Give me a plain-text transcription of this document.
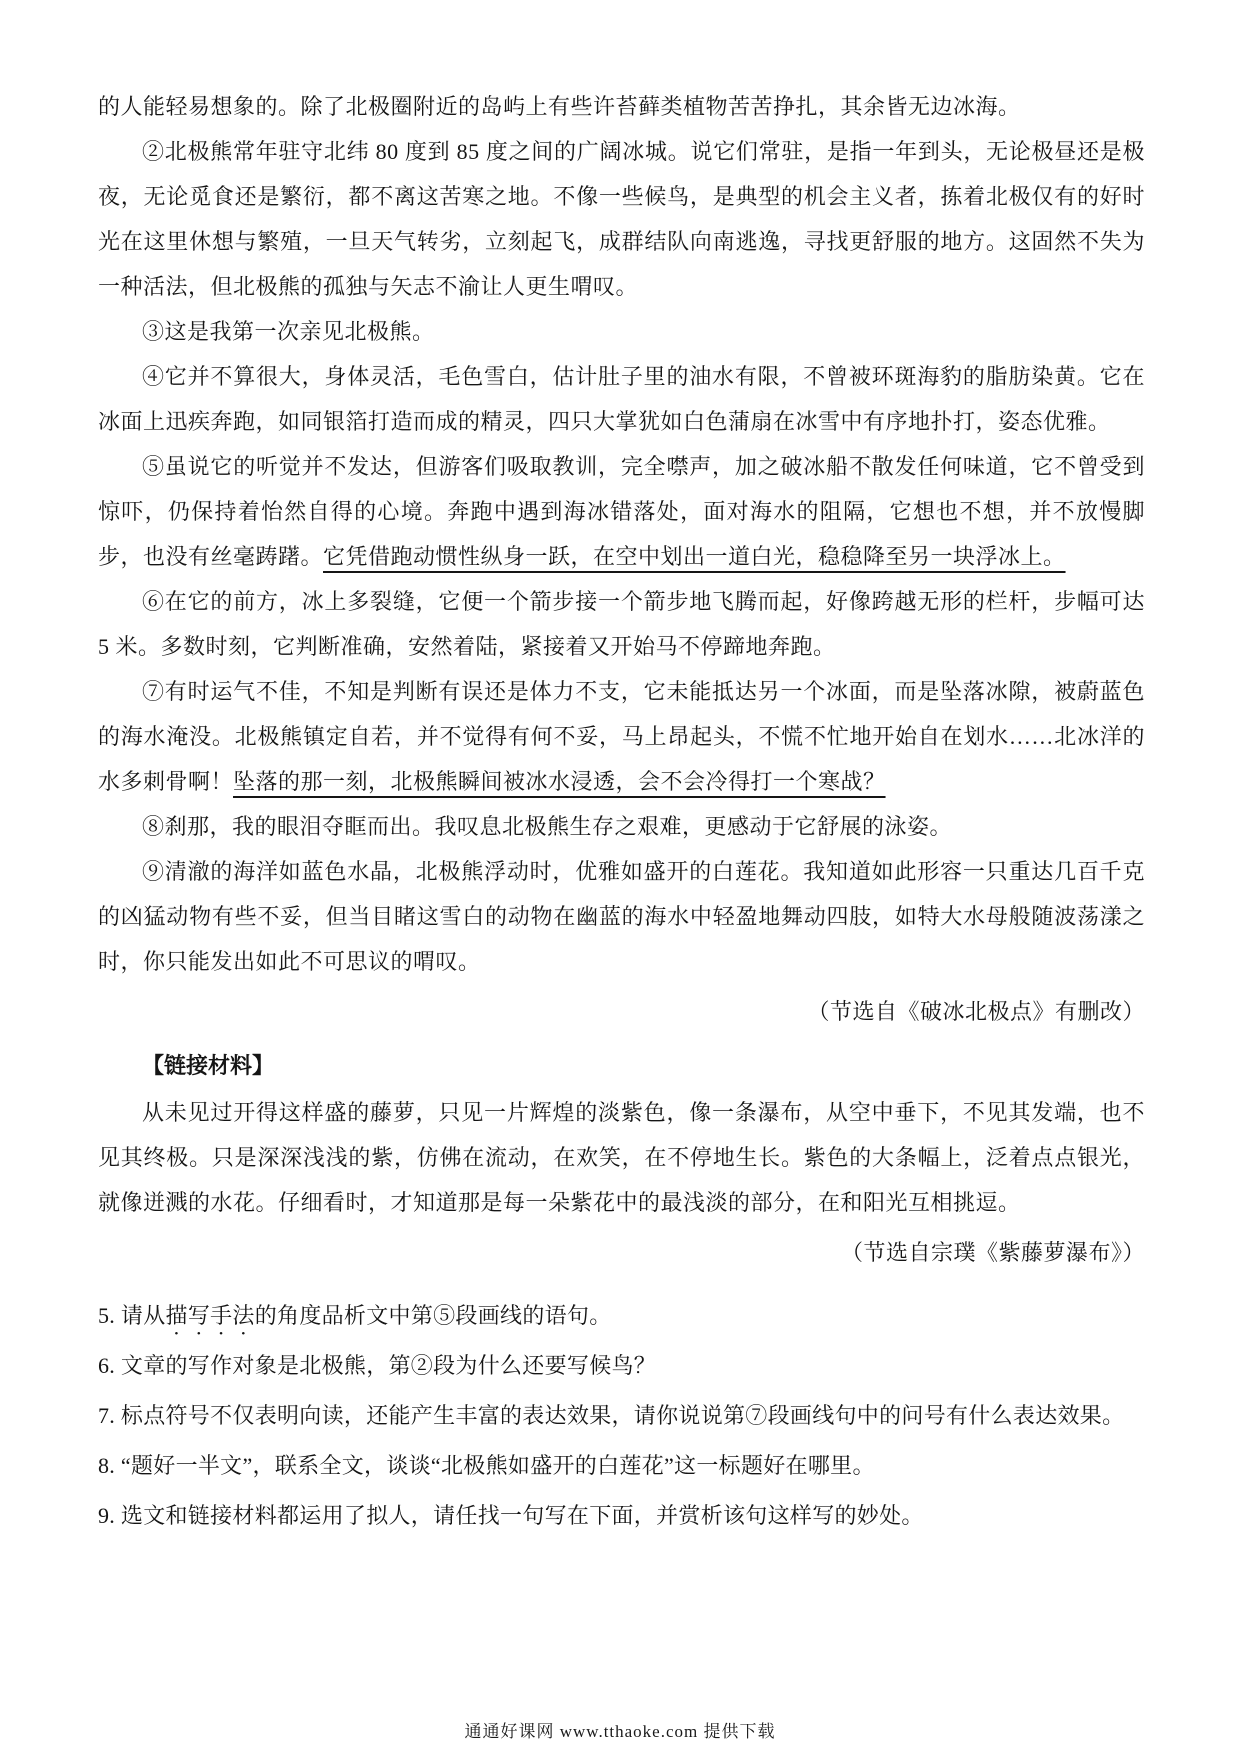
的人能轻易想象的。除了北极圈附近的岛屿上有些许苔藓类植物苦苦挣扎，其余皆无边冰海。

②北极熊常年驻守北纬 80 度到 85 度之间的广阔冰城。说它们常驻，是指一年到头，无论极昼还是极夜，无论觅食还是繁衍，都不离这苦寒之地。不像一些候鸟，是典型的机会主义者，拣着北极仅有的好时光在这里休想与繁殖，一旦天气转劣，立刻起飞，成群结队向南逃逸，寻找更舒服的地方。这固然不失为一种活法，但北极熊的孤独与矢志不渝让人更生喟叹。

③这是我第一次亲见北极熊。

④它并不算很大，身体灵活，毛色雪白，估计肚子里的油水有限，不曾被环斑海豹的脂肪染黄。它在冰面上迅疾奔跑，如同银箔打造而成的精灵，四只大掌犹如白色蒲扇在冰雪中有序地扑打，姿态优雅。

⑤虽说它的听觉并不发达，但游客们吸取教训，完全噤声，加之破冰船不散发任何味道，它不曾受到惊吓，仍保持着怡然自得的心境。奔跑中遇到海冰错落处，面对海水的阻隔，它想也不想，并不放慢脚步，也没有丝毫踌躇。它凭借跑动惯性纵身一跃，在空中划出一道白光，稳稳降至另一块浮冰上。

⑥在它的前方，冰上多裂缝，它便一个箭步接一个箭步地飞腾而起，好像跨越无形的栏杆，步幅可达 5 米。多数时刻，它判断准确，安然着陆，紧接着又开始马不停蹄地奔跑。

⑦有时运气不佳，不知是判断有误还是体力不支，它未能抵达另一个冰面，而是坠落冰隙，被蔚蓝色的海水淹没。北极熊镇定自若，并不觉得有何不妥，马上昂起头，不慌不忙地开始自在划水……北冰洋的水多刺骨啊！坠落的那一刻，北极熊瞬间被冰水浸透，会不会冷得打一个寒战？

⑧刹那，我的眼泪夺眶而出。我叹息北极熊生存之艰难，更感动于它舒展的泳姿。

⑨清澈的海洋如蓝色水晶，北极熊浮动时，优雅如盛开的白莲花。我知道如此形容一只重达几百千克的凶猛动物有些不妥，但当目睹这雪白的动物在幽蓝的海水中轻盈地舞动四肢，如特大水母般随波荡漾之时，你只能发出如此不可思议的喟叹。

（节选自《破冰北极点》有删改）

【链接材料】

从未见过开得这样盛的藤萝，只见一片辉煌的淡紫色，像一条瀑布，从空中垂下，不见其发端，也不见其终极。只是深深浅浅的紫，仿佛在流动，在欢笑，在不停地生长。紫色的大条幅上，泛着点点银光，就像迸溅的水花。仔细看时，才知道那是每一朵紫花中的最浅淡的部分，在和阳光互相挑逗。

（节选自宗璞《紫藤萝瀑布》）

5. 请从描写手法的角度品析文中第⑤段画线的语句。

6. 文章的写作对象是北极熊，第②段为什么还要写候鸟？

7. 标点符号不仅表明向读，还能产生丰富的表达效果，请你说说第⑦段画线句中的问号有什么表达效果。

8. “题好一半文”，联系全文，谈谈“北极熊如盛开的白莲花”这一标题好在哪里。

9. 选文和链接材料都运用了拟人，请任找一句写在下面，并赏析该句这样写的妙处。

通通好课网 www.tthaoke.com 提供下载
